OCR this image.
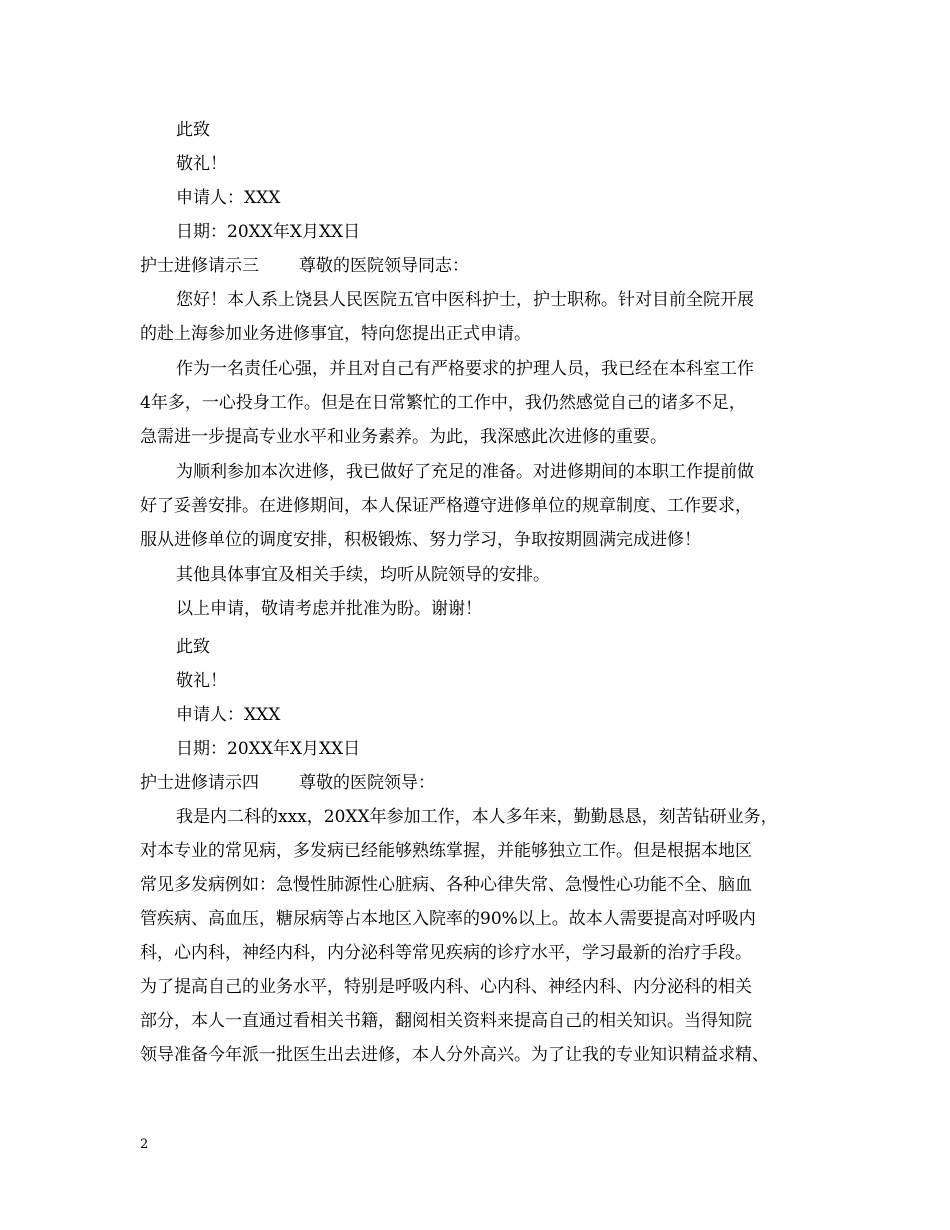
此致
敬礼！
申请人：XXX
日期：20XX年X月XX日
护士进修请示三 尊敬的医院领导同志：
您好！本人系上饶县人民医院五官中医科护士，护士职称。针对目前全院开展
的赴上海参加业务进修事宜，特向您提出正式申请。
作为一名责任心强，并且对自己有严格要求的护理人员，我已经在本科室工作
4年多，一心投身工作。但是在日常繁忙的工作中，我仍然感觉自己的诸多不足，
急需进一步提高专业水平和业务素养。为此，我深感此次进修的重要。
为顺利参加本次进修，我已做好了充足的准备。对进修期间的本职工作提前做
好了妥善安排。在进修期间，本人保证严格遵守进修单位的规章制度、工作要求，
服从进修单位的调度安排，积极锻炼、努力学习，争取按期圆满完成进修！
其他具体事宜及相关手续，均听从院领导的安排。
以上申请，敬请考虑并批准为盼。谢谢！
此致
敬礼！
申请人：XXX
日期：20XX年X月XX日
护士进修请示四 尊敬的医院领导：
我是内二科的xxx，20XX年参加工作，本人多年来，勤勤恳恳，刻苦钻研业务，
对本专业的常见病，多发病已经能够熟练掌握，并能够独立工作。但是根据本地区
常见多发病例如：急慢性肺源性心脏病、各种心律失常、急慢性心功能不全、脑血
管疾病、高血压，糖尿病等占本地区入院率的90%以上。故本人需要提高对呼吸内
科，心内科，神经内科，内分泌科等常见疾病的诊疗水平，学习最新的治疗手段。
为了提高自己的业务水平，特别是呼吸内科、心内科、神经内科、内分泌科的相关
部分，本人一直通过看相关书籍，翻阅相关资料来提高自己的相关知识。当得知院
领导准备今年派一批医生出去进修，本人分外高兴。为了让我的专业知识精益求精、
2
